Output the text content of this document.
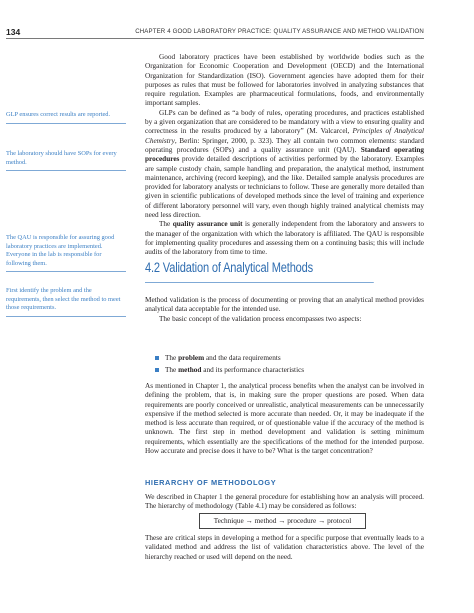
134	CHAPTER 4 GOOD LABORATORY PRACTICE: QUALITY ASSURANCE AND METHOD VALIDATION
GLP ensures correct results are reported.
The laboratory should have SOPs for every method.
The QAU is responsible for assuring good laboratory practices are implemented. Everyone in the lab is responsible for following them.
First identify the problem and the requirements, then select the method to meet those requirements.

Good laboratory practices have been established by worldwide bodies such as the Organization for Economic Cooperation and Development (OECD) and the International Organization for Standardization (ISO). Government agencies have adopted them for their purposes as rules that must be followed for laboratories involved in analyzing substances that require regulation. Examples are pharmaceutical formulations, foods, and environmentally important samples.

GLPs can be defined as “a body of rules, operating procedures, and practices established by a given organization that are considered to be mandatory with a view to ensuring quality and correctness in the results produced by a laboratory” (M. Valcarcel, Principles of Analytical Chemistry, Berlin: Springer, 2000, p. 323). They all contain two common elements: standard operating procedures (SOPs) and a quality assurance unit (QAU). Standard operating procedures provide detailed descriptions of activities performed by the laboratory. Examples are sample custody chain, sample handling and preparation, the analytical method, instrument maintenance, archiving (record keeping), and the like. Detailed sample analysis procedures are provided for laboratory analysts or technicians to follow. These are generally more detailed than given in scientific publications of developed methods since the level of training and experience of different laboratory personnel will vary, even though highly trained analytical chemists may need less direction.

The quality assurance unit is generally independent from the laboratory and answers to the manager of the organization with which the laboratory is affiliated. The QAU is responsible for implementing quality procedures and assessing them on a continuing basis; this will include audits of the laboratory from time to time.

4.2 Validation of Analytical Methods

Method validation is the process of documenting or proving that an analytical method provides analytical data acceptable for the intended use.

The basic concept of the validation process encompasses two aspects:

The problem and the data requirements
The method and its performance characteristics

As mentioned in Chapter 1, the analytical process benefits when the analyst can be involved in defining the problem, that is, in making sure the proper questions are posed. When data requirements are poorly conceived or unrealistic, analytical measurements can be unnecessarily expensive if the method selected is more accurate than needed. Or, it may be inadequate if the method is less accurate than required, or of questionable value if the accuracy of the method is unknown. The first step in method development and validation is setting minimum requirements, which essentially are the specifications of the method for the intended purpose. How accurate and precise does it have to be? What is the target concentration?

HIERARCHY OF METHODOLOGY

We described in Chapter 1 the general procedure for establishing how an analysis will proceed. The hierarchy of methodology (Table 4.1) may be considered as follows:

Technique → method → procedure → protocol

These are critical steps in developing a method for a specific purpose that eventually leads to a validated method and address the list of validation characteristics above. The level of the hierarchy reached or used will depend on the need.
